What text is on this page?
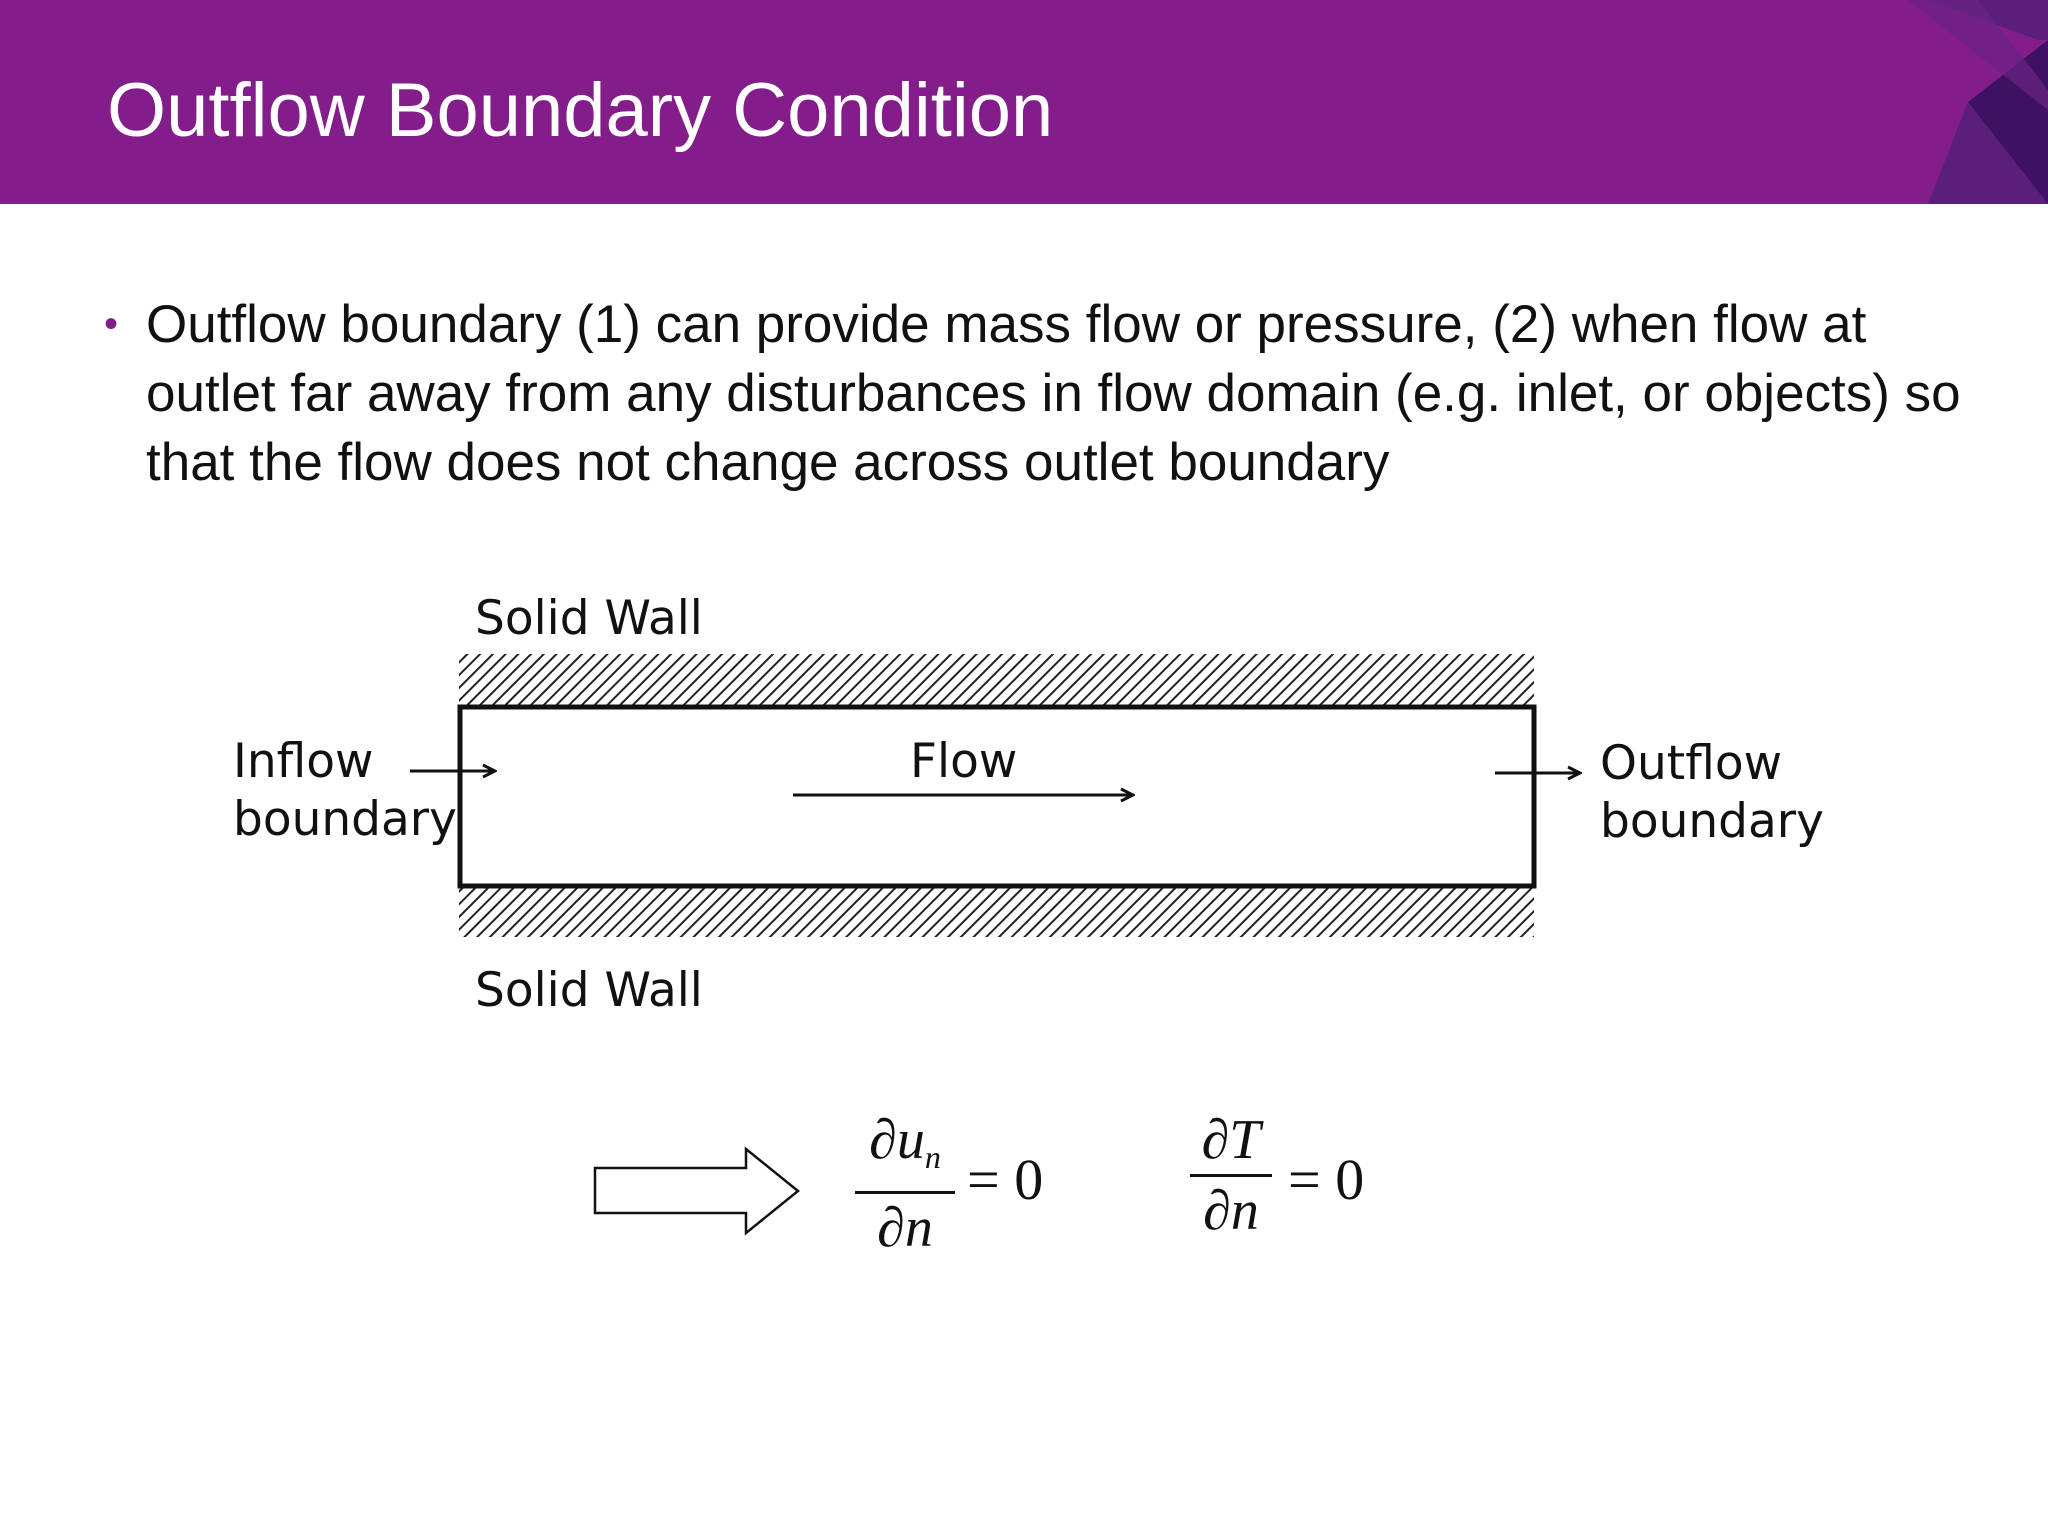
Outflow Boundary Condition
• Outflow boundary (1) can provide mass flow or pressure, (2) when flow at outlet far away from any disturbances in flow domain (e.g. inlet, or objects) so that the flow does not change across outlet boundary
Solid Wall
Solid Wall
Inflow
boundary
Flow	Outflow
boundary
$\partial u_n$
∂n
= 0
∂T
∂n = 0
